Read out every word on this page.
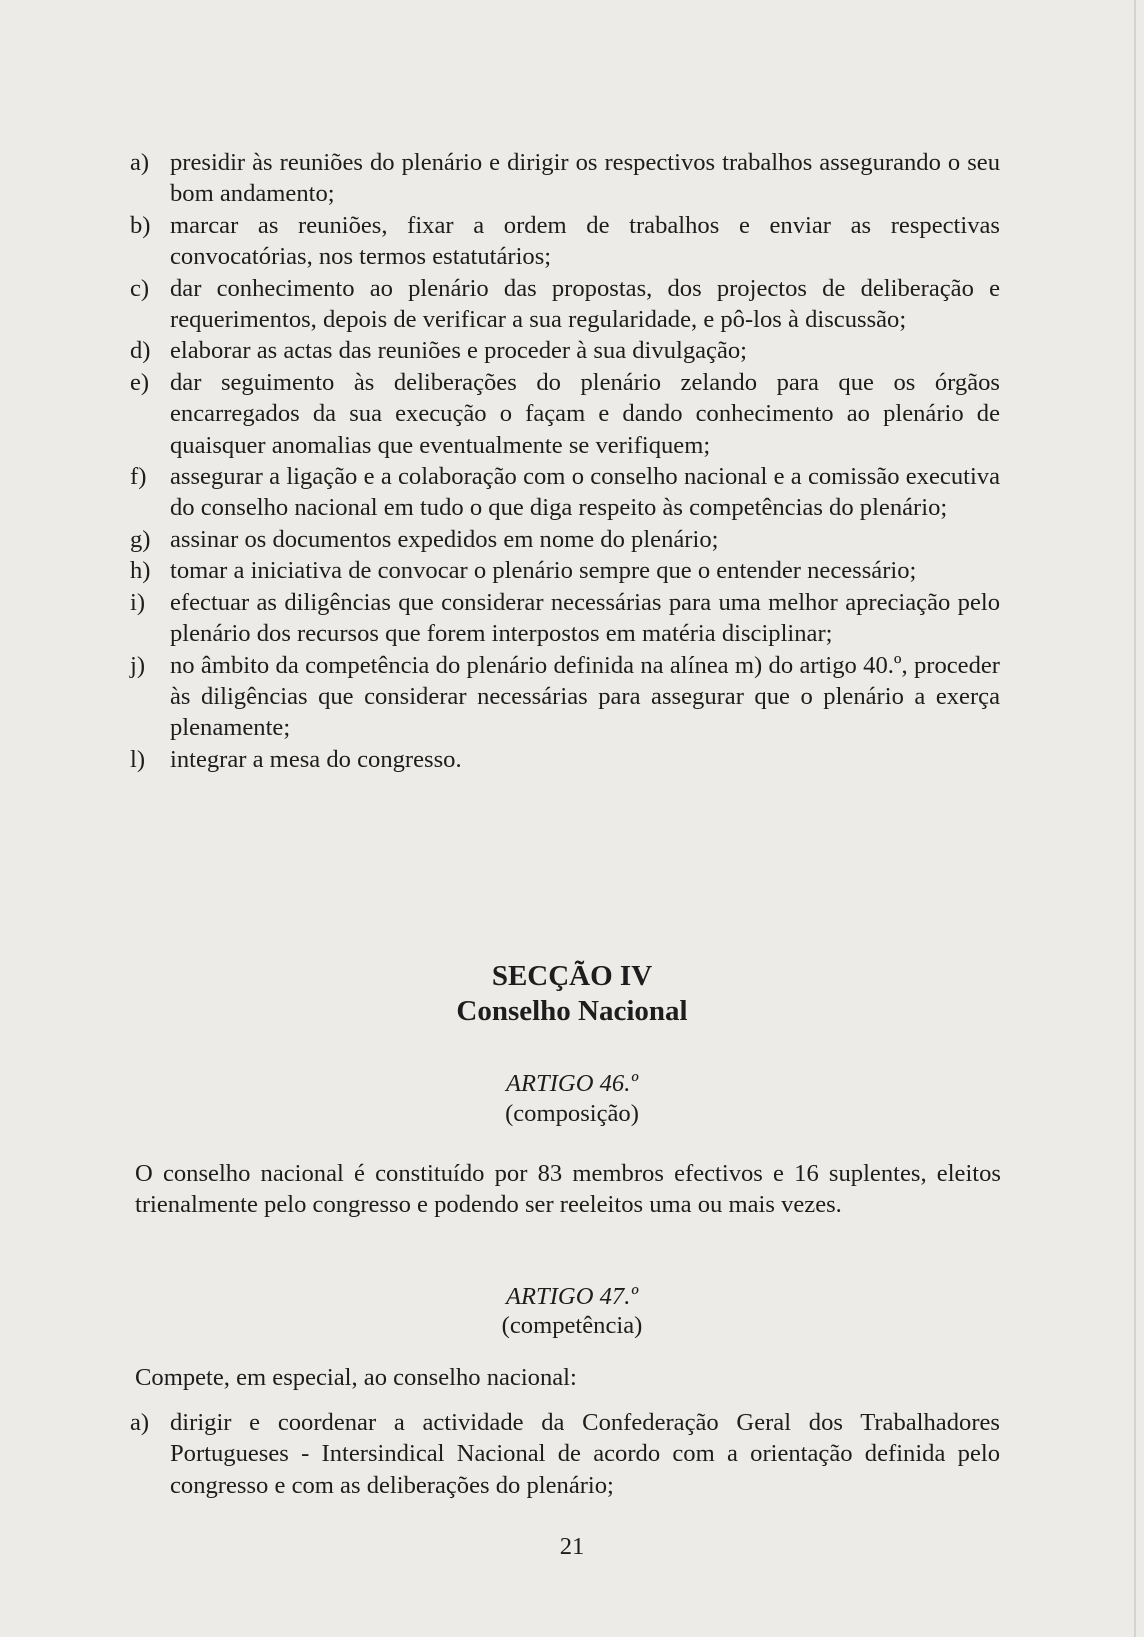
a) presidir às reuniões do plenário e dirigir os respectivos trabalhos assegurando o seu bom andamento;
b) marcar as reuniões, fixar a ordem de trabalhos e enviar as respectivas convocatórias, nos termos estatutários;
c) dar conhecimento ao plenário das propostas, dos projectos de deliberação e requerimentos, depois de verificar a sua regularidade, e pô-los à discussão;
d) elaborar as actas das reuniões e proceder à sua divulgação;
e) dar seguimento às deliberações do plenário zelando para que os órgãos encarregados da sua execução o façam e dando conhecimento ao plenário de quaisquer anomalias que eventualmente se verifiquem;
f) assegurar a ligação e a colaboração com o conselho nacional e a comissão executiva do conselho nacional em tudo o que diga respeito às competências do plenário;
g) assinar os documentos expedidos em nome do plenário;
h) tomar a iniciativa de convocar o plenário sempre que o entender necessário;
i)	efectuar as diligências que considerar necessárias para uma melhor apreciação pelo plenário dos recursos que forem interpostos em matéria disciplinar;
j)	no âmbito da competência do plenário definida na alínea m) do artigo 40.º, proceder às diligências que considerar necessárias para assegurar que o plenário a exerça plenamente;
l)	integrar a mesa do congresso.
SECÇÃO IV
Conselho Nacional
ARTIGO 46.º
(composição)
O conselho nacional é constituído por 83 membros efectivos e 16 suplentes, eleitos trienalmente pelo congresso e podendo ser reeleitos uma ou mais vezes.
ARTIGO 47.º
(competência)
Compete, em especial, ao conselho nacional:
a) dirigir e coordenar a actividade da Confederação Geral dos Trabalhadores Portugueses - Intersindical Nacional de acordo com a orientação definida pelo congresso e com as deliberações do plenário;
21
